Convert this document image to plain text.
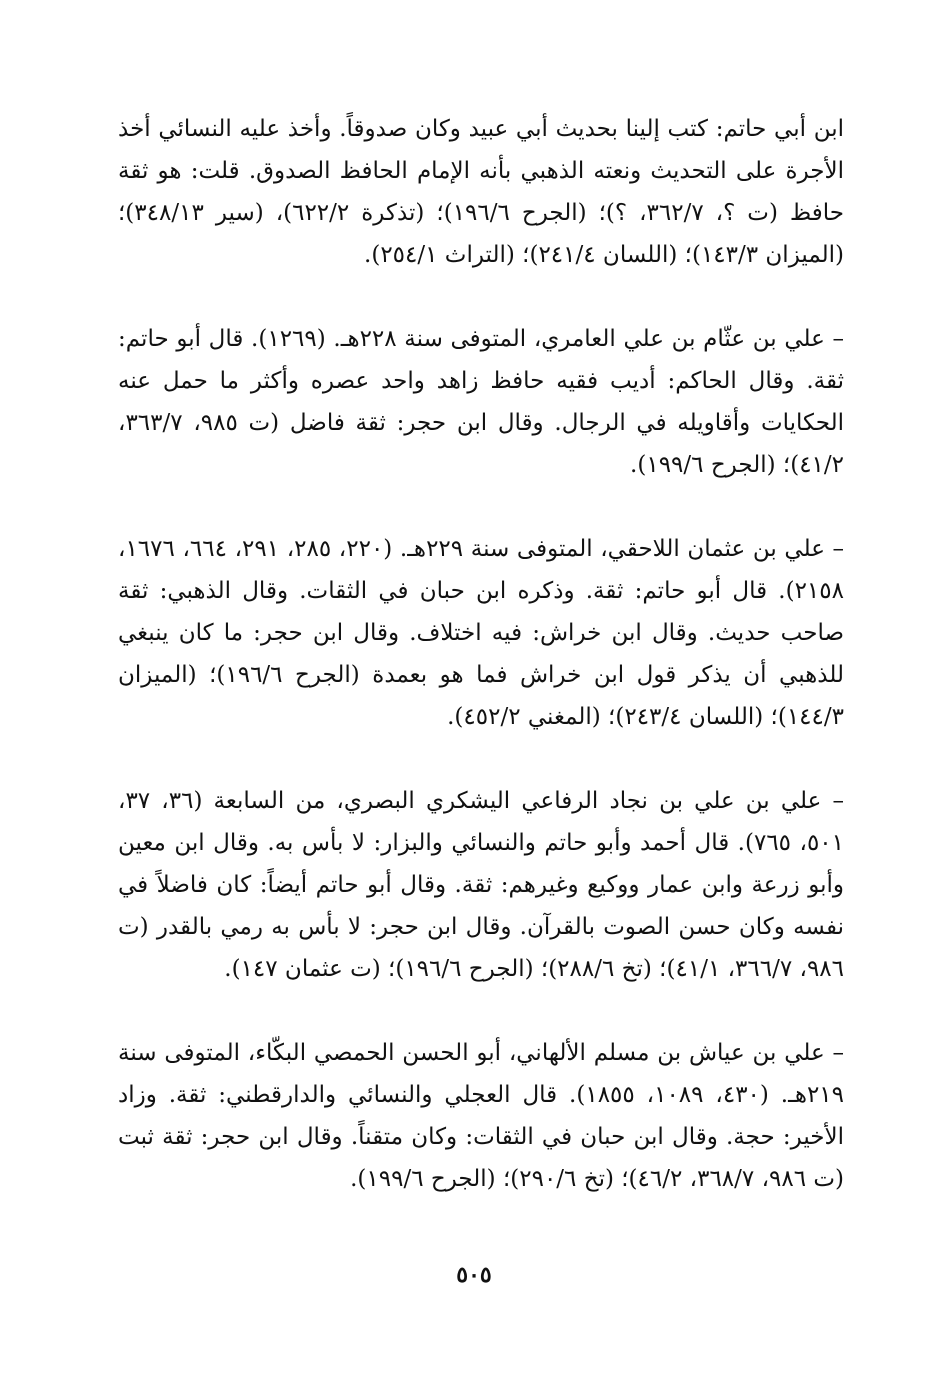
ابن أبي حاتم: كتب إلينا بحديث أبي عبيد وكان صدوقاً. وأخذ عليه النسائي أخذ الأجرة على التحديث ونعته الذهبي بأنه الإمام الحافظ الصدوق. قلت: هو ثقة حافظ (ت ؟، ٣٦٢/٧، ؟)؛ (الجرح ١٩٦/٦)؛ (تذكرة ٦٢٢/٢)، (سير ٣٤٨/١٣)؛ (الميزان ١٤٣/٣)؛ (اللسان ٢٤١/٤)؛ (التراث ٢٥٤/١).

– علي بن عثّام بن علي العامري، المتوفى سنة ٢٢٨هـ. (١٢٦٩). قال أبو حاتم: ثقة. وقال الحاكم: أديب فقيه حافظ زاهد واحد عصره وأكثر ما حمل عنه الحكايات وأقاويله في الرجال. وقال ابن حجر: ثقة فاضل (ت ٩٨٥، ٣٦٣/٧، ٤١/٢)؛ (الجرح ١٩٩/٦).

– علي بن عثمان اللاحقي، المتوفى سنة ٢٢٩هـ. (٢٢٠، ٢٨٥، ٢٩١، ٦٦٤، ١٦٧٦، ٢١٥٨). قال أبو حاتم: ثقة. وذكره ابن حبان في الثقات. وقال الذهبي: ثقة صاحب حديث. وقال ابن خراش: فيه اختلاف. وقال ابن حجر: ما كان ينبغي للذهبي أن يذكر قول ابن خراش فما هو بعمدة (الجرح ١٩٦/٦)؛ (الميزان ١٤٤/٣)؛ (اللسان ٢٤٣/٤)؛ (المغني ٤٥٢/٢).

– علي بن علي بن نجاد الرفاعي اليشكري البصري، من السابعة (٣٦، ٣٧، ٥٠١، ٧٦٥). قال أحمد وأبو حاتم والنسائي والبزار: لا بأس به. وقال ابن معين وأبو زرعة وابن عمار ووكيع وغيرهم: ثقة. وقال أبو حاتم أيضاً: كان فاضلاً في نفسه وكان حسن الصوت بالقرآن. وقال ابن حجر: لا بأس به رمي بالقدر (ت ٩٨٦، ٣٦٦/٧، ٤١/١)؛ (تخ ٢٨٨/٦)؛ (الجرح ١٩٦/٦)؛ (ت عثمان ١٤٧).

– علي بن عياش بن مسلم الألهاني، أبو الحسن الحمصي البكّاء، المتوفى سنة ٢١٩هـ. (٤٣٠، ١٠٨٩، ١٨٥٥). قال العجلي والنسائي والدارقطني: ثقة. وزاد الأخير: حجة. وقال ابن حبان في الثقات: وكان متقناً. وقال ابن حجر: ثقة ثبت (ت ٩٨٦، ٣٦٨/٧، ٤٦/٢)؛ (تخ ٢٩٠/٦)؛ (الجرح ١٩٩/٦).

٥٠٥
